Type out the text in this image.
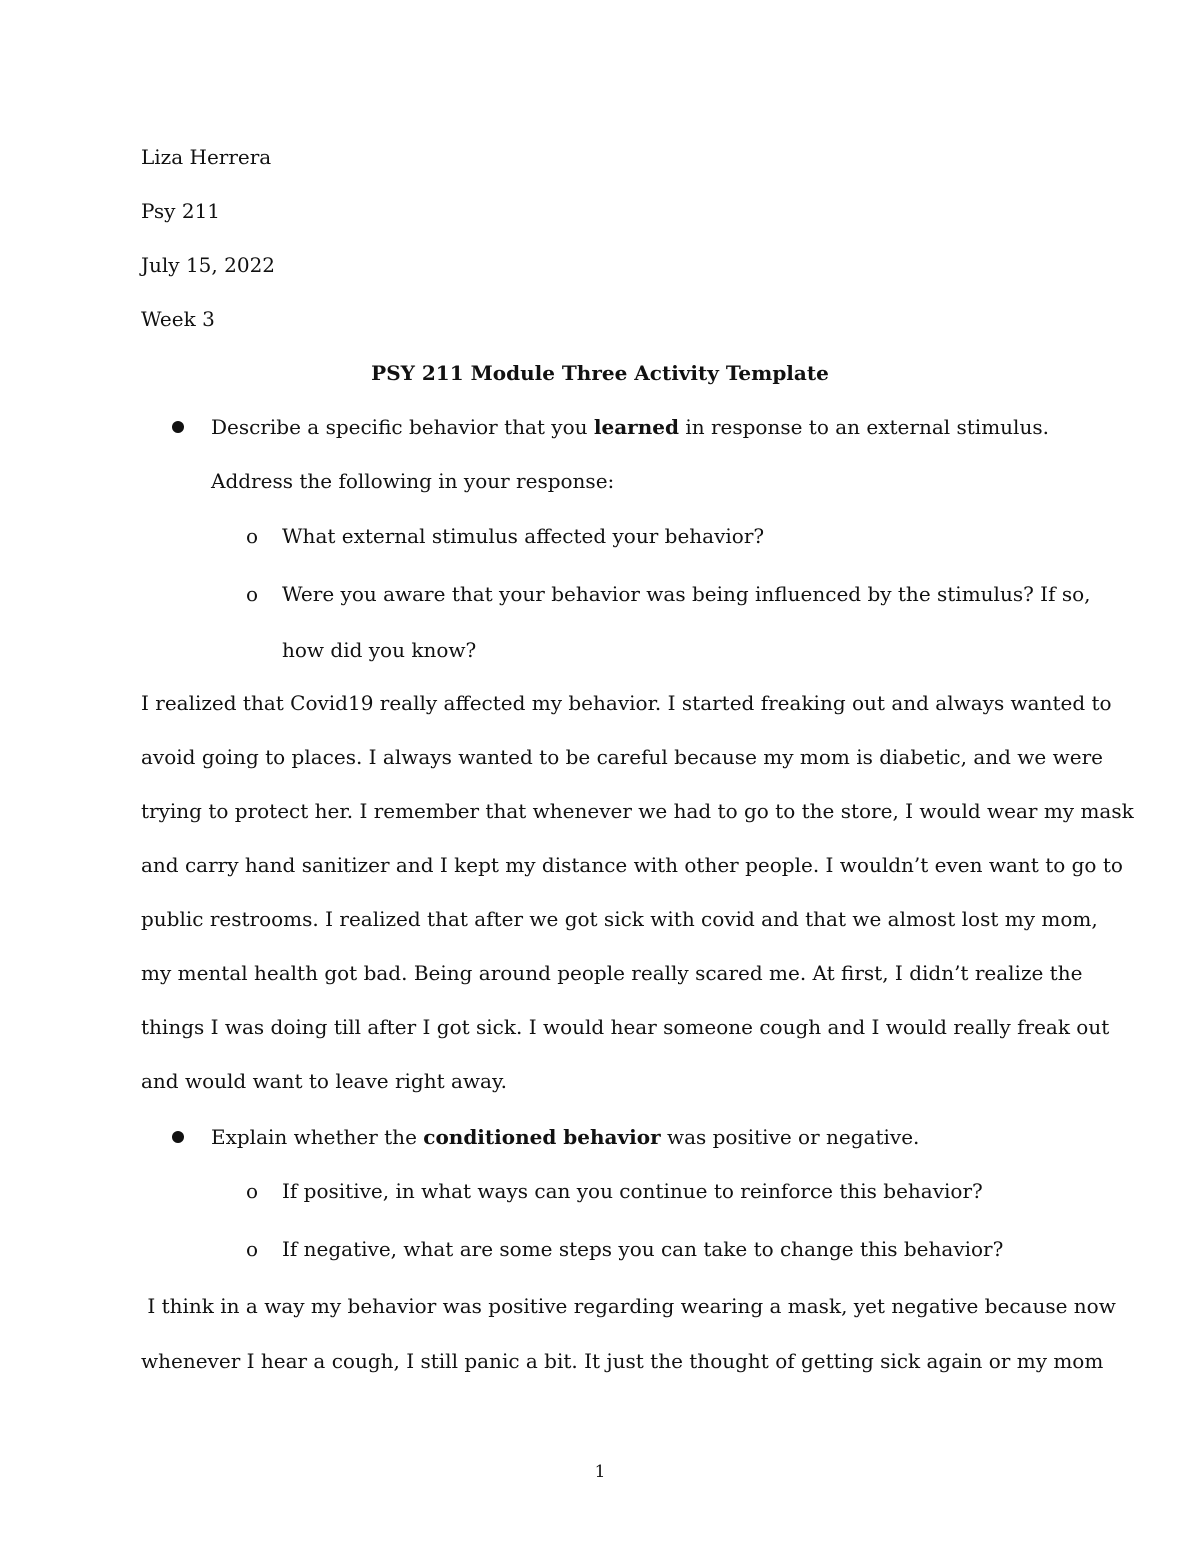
Liza Herrera
Psy 211
July 15, 2022
Week 3
PSY 211 Module Three Activity Template
Describe a specific behavior that you learned in response to an external stimulus.
Address the following in your response:
o What external stimulus affected your behavior?
o Were you aware that your behavior was being influenced by the stimulus? If so,
how did you know?
I realized that Covid19 really affected my behavior. I started freaking out and always wanted to
avoid going to places. I always wanted to be careful because my mom is diabetic, and we were
trying to protect her. I remember that whenever we had to go to the store, I would wear my mask
and carry hand sanitizer and I kept my distance with other people. I wouldn’t even want to go to
public restrooms. I realized that after we got sick with covid and that we almost lost my mom,
my mental health got bad. Being around people really scared me. At first, I didn’t realize the
things I was doing till after I got sick. I would hear someone cough and I would really freak out
and would want to leave right away.
Explain whether the conditioned behavior was positive or negative.
o If positive, in what ways can you continue to reinforce this behavior?
o If negative, what are some steps you can take to change this behavior?
I think in a way my behavior was positive regarding wearing a mask, yet negative because now
whenever I hear a cough, I still panic a bit. It just the thought of getting sick again or my mom
1
